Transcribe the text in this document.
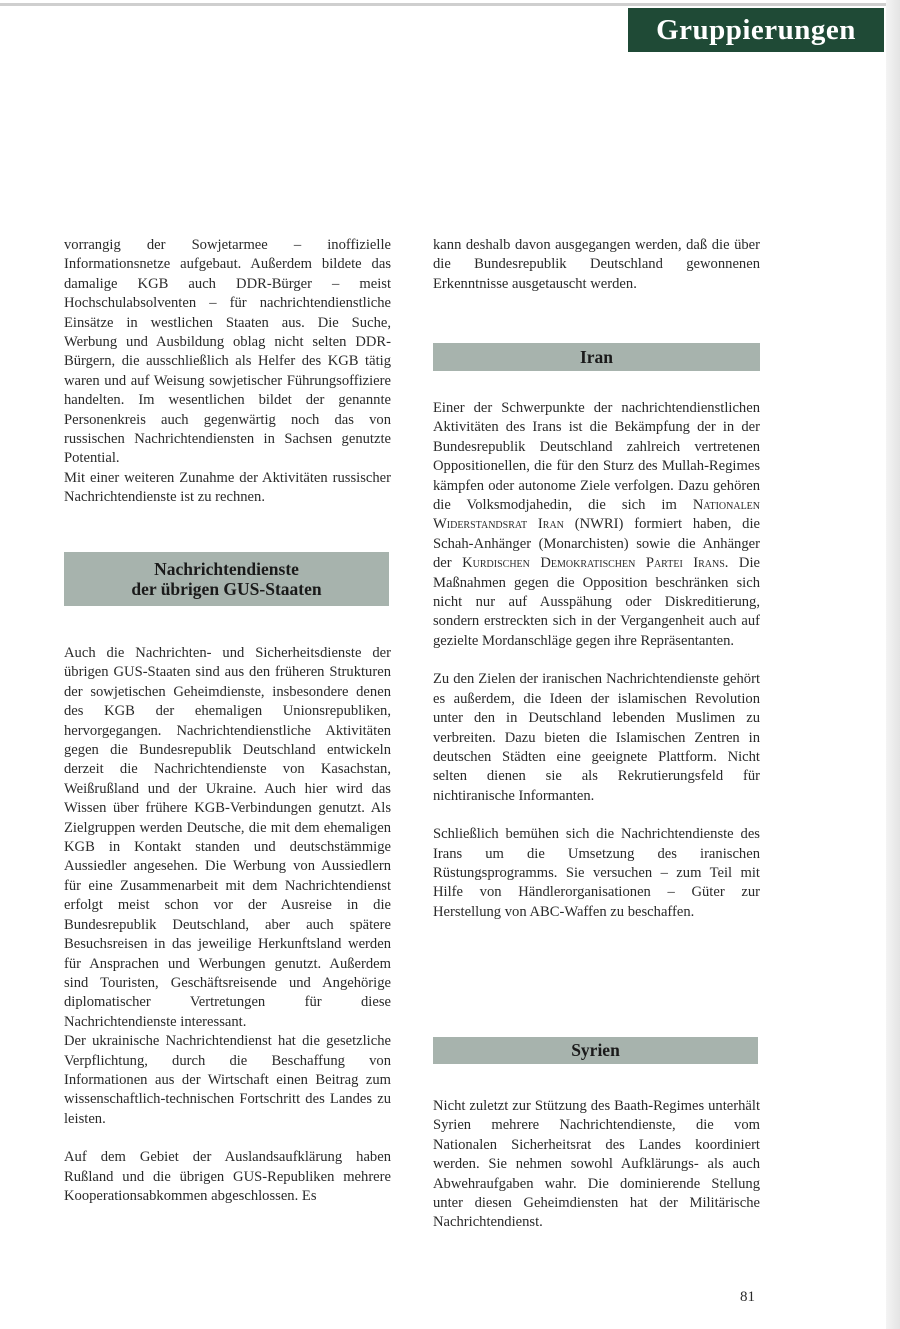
Gruppierungen

vorrangig der Sowjetarmee – inoffizielle Informationsnetze aufgebaut. Außerdem bildete das damalige KGB auch DDR-Bürger – meist Hochschulabsolventen – für nachrichtendienstliche Einsätze in westlichen Staaten aus. Die Suche, Werbung und Ausbildung oblag nicht selten DDR-Bürgern, die ausschließlich als Helfer des KGB tätig waren und auf Weisung sowjetischer Führungsoffiziere handelten. Im wesentlichen bildet der genannte Personenkreis auch gegenwärtig noch das von russischen Nachrichtendiensten in Sachsen genutzte Potential.

Mit einer weiteren Zunahme der Aktivitäten russischer Nachrichtendienste ist zu rechnen.

Nachrichtendienste
der übrigen GUS-Staaten

Auch die Nachrichten- und Sicherheitsdienste der übrigen GUS-Staaten sind aus den früheren Strukturen der sowjetischen Geheimdienste, insbesondere denen des KGB der ehemaligen Unionsrepubliken, hervorgegangen. Nachrichtendienstliche Aktivitäten gegen die Bundesrepublik Deutschland entwickeln derzeit die Nachrichtendienste von Kasachstan, Weißrußland und der Ukraine. Auch hier wird das Wissen über frühere KGB-Verbindungen genutzt. Als Zielgruppen werden Deutsche, die mit dem ehemaligen KGB in Kontakt standen und deutschstämmige Aussiedler angesehen. Die Werbung von Aussiedlern für eine Zusammenarbeit mit dem Nachrichtendienst erfolgt meist schon vor der Ausreise in die Bundesrepublik Deutschland, aber auch spätere Besuchsreisen in das jeweilige Herkunftsland werden für Ansprachen und Werbungen genutzt. Außerdem sind Touristen, Geschäftsreisende und Angehörige diplomatischer Vertretungen für diese Nachrichtendienste interessant.

Der ukrainische Nachrichtendienst hat die gesetzliche Verpflichtung, durch die Beschaffung von Informationen aus der Wirtschaft einen Beitrag zum wissenschaftlich-technischen Fortschritt des Landes zu leisten.

Auf dem Gebiet der Auslandsaufklärung haben Rußland und die übrigen GUS-Republiken mehrere Kooperationsabkommen abgeschlossen. Es

kann deshalb davon ausgegangen werden, daß die über die Bundesrepublik Deutschland gewonnenen Erkenntnisse ausgetauscht werden.

Iran

Einer der Schwerpunkte der nachrichtendienstlichen Aktivitäten des Irans ist die Bekämpfung der in der Bundesrepublik Deutschland zahlreich vertretenen Oppositionellen, die für den Sturz des Mullah-Regimes kämpfen oder autonome Ziele verfolgen. Dazu gehören die Volksmodjahedin, die sich im Nationalen Widerstandsrat Iran (NWRI) formiert haben, die Schah-Anhänger (Monarchisten) sowie die Anhänger der Kurdischen Demokratischen Partei Irans. Die Maßnahmen gegen die Opposition beschränken sich nicht nur auf Ausspähung oder Diskreditierung, sondern erstreckten sich in der Vergangenheit auch auf gezielte Mordanschläge gegen ihre Repräsentanten.

Zu den Zielen der iranischen Nachrichtendienste gehört es außerdem, die Ideen der islamischen Revolution unter den in Deutschland lebenden Muslimen zu verbreiten. Dazu bieten die Islamischen Zentren in deutschen Städten eine geeignete Plattform. Nicht selten dienen sie als Rekrutierungsfeld für nichtiranische Informanten.

Schließlich bemühen sich die Nachrichtendienste des Irans um die Umsetzung des iranischen Rüstungsprogramms. Sie versuchen – zum Teil mit Hilfe von Händlerorganisationen – Güter zur Herstellung von ABC-Waffen zu beschaffen.

Syrien

Nicht zuletzt zur Stützung des Baath-Regimes unterhält Syrien mehrere Nachrichtendienste, die vom Nationalen Sicherheitsrat des Landes koordiniert werden. Sie nehmen sowohl Aufklärungs- als auch Abwehraufgaben wahr. Die dominierende Stellung unter diesen Geheimdiensten hat der Militärische Nachrichtendienst.

81
